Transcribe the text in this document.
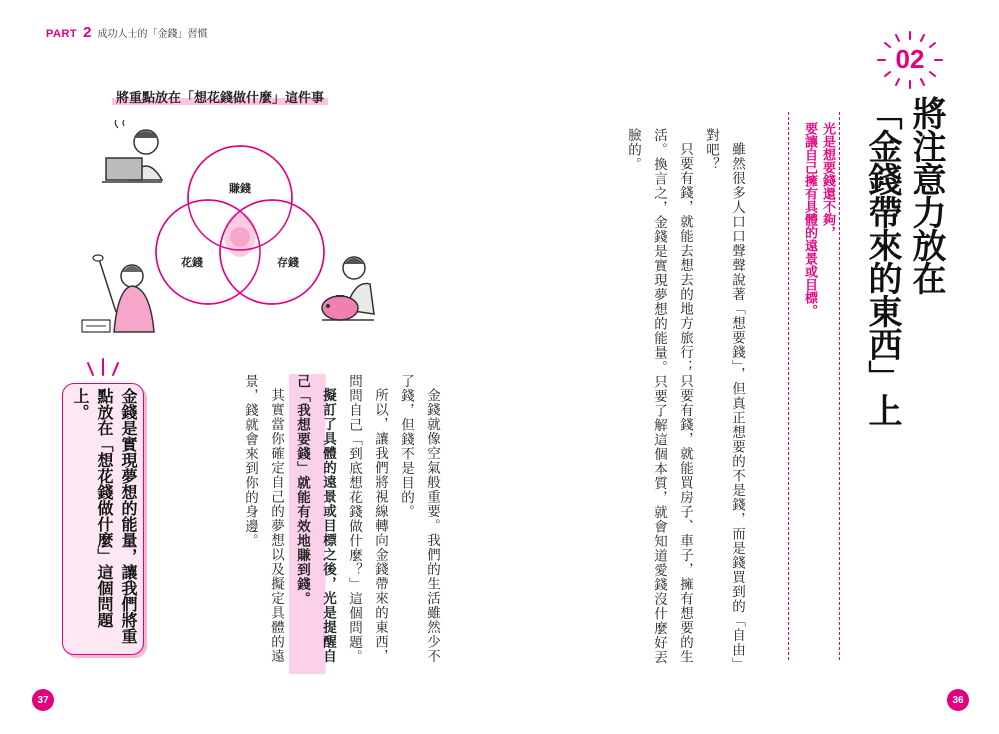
PART 2 成功人士的「金錢」習慣
02
將注意力放在
「金錢帶來的東西」上
光是想要錢還不夠，
要讓自己擁有具體的遠景或目標。
雖然很多人口口聲聲說著「想要錢」，但真正想要的不是錢，而是錢買到的「自由」對吧？
只要有錢，就能去想去的地方旅行；只要有錢，就能買房子、車子，擁有想要的生活。換言之，金錢是實現夢想的能量。只要了解這個本質，就會知道愛錢沒什麼好丟臉的。
金錢就像空氣般重要。我們的生活雖然少不了錢，但錢不是目的。
所以，讓我們將視線轉向金錢帶來的東西，問問自己「到底想花錢做什麼？」這個問題。
擬訂了具體的遠景或目標之後，光是提醒自己「我想要錢」就能有效地賺到錢。
其實當你確定自己的夢想以及擬定具體的遠景，錢就會來到你的身邊。
將重點放在「想花錢做什麼」這件事
賺錢
花錢	存錢
金錢是實現夢想的能量，讓我們將重點放在「想花錢做什麼」這個問題上。
37	36
